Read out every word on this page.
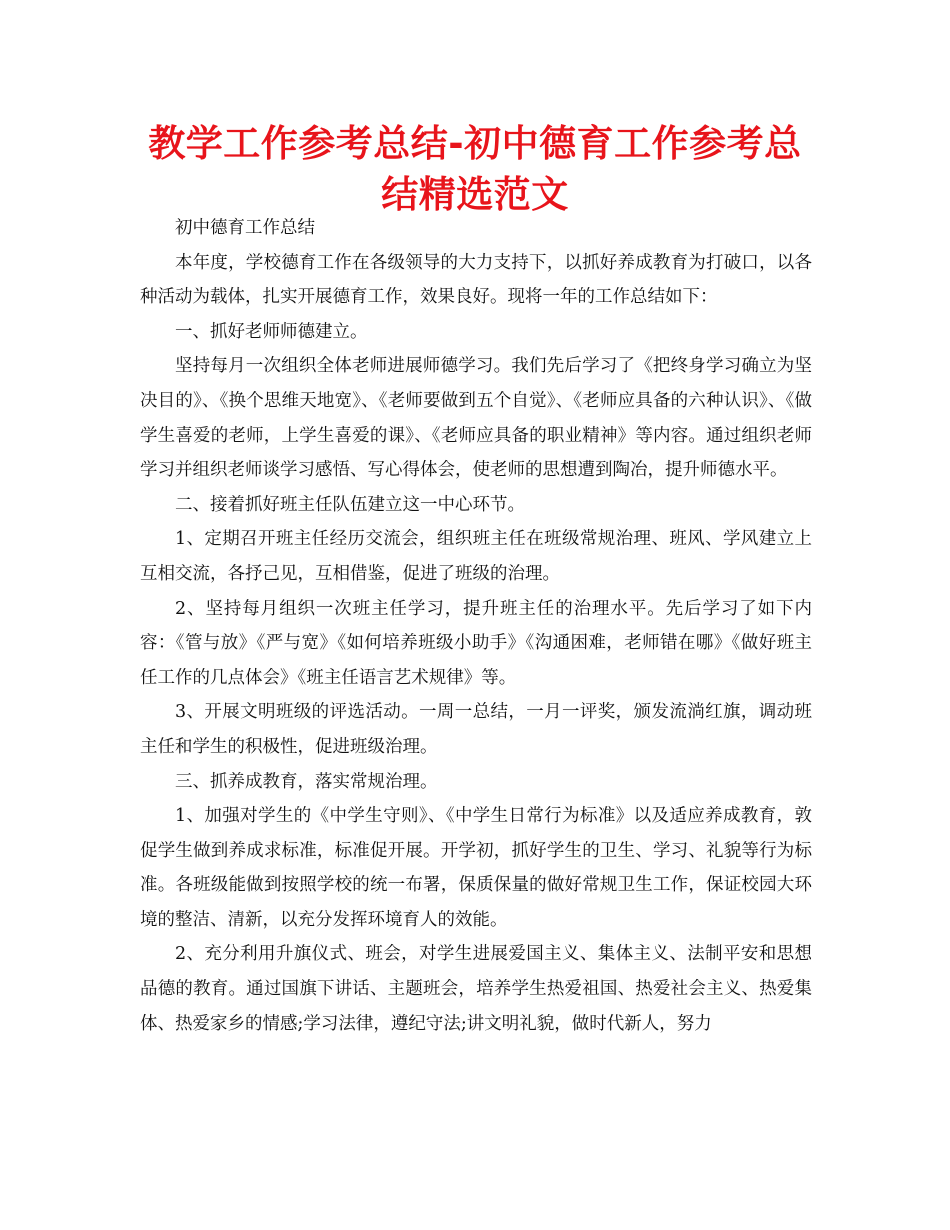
教学工作参考总结-初中德育工作参考总结精选范文

初中德育工作总结

本年度，学校德育工作在各级领导的大力支持下，以抓好养成教育为打破口，以各种活动为载体，扎实开展德育工作，效果良好。现将一年的工作总结如下：

一、抓好老师师德建立。

坚持每月一次组织全体老师进展师德学习。我们先后学习了《把终身学习确立为坚决目的》、《换个思维天地宽》、《老师要做到五个自觉》、《老师应具备的六种认识》、《做学生喜爱的老师，上学生喜爱的课》、《老师应具备的职业精神》等内容。通过组织老师学习并组织老师谈学习感悟、写心得体会，使老师的思想遭到陶冶，提升师德水平。

二、接着抓好班主任队伍建立这一中心环节。

1、定期召开班主任经历交流会，组织班主任在班级常规治理、班风、学风建立上互相交流，各抒己见，互相借鉴，促进了班级的治理。

2、坚持每月组织一次班主任学习，提升班主任的治理水平。先后学习了如下内容：《管与放》《严与宽》《如何培养班级小助手》《沟通困难，老师错在哪》《做好班主任工作的几点体会》《班主任语言艺术规律》等。

3、开展文明班级的评选活动。一周一总结，一月一评奖，颁发流淌红旗，调动班主任和学生的积极性，促进班级治理。

三、抓养成教育，落实常规治理。

1、加强对学生的《中学生守则》、《中学生日常行为标准》以及适应养成教育，敦促学生做到养成求标准，标准促开展。开学初，抓好学生的卫生、学习、礼貌等行为标准。各班级能做到按照学校的统一布署，保质保量的做好常规卫生工作，保证校园大环境的整洁、清新，以充分发挥环境育人的效能。

2、充分利用升旗仪式、班会，对学生进展爱国主义、集体主义、法制平安和思想品德的教育。通过国旗下讲话、主题班会，培养学生热爱祖国、热爱社会主义、热爱集体、热爱家乡的情感;学习法律，遵纪守法;讲文明礼貌，做时代新人，努力
